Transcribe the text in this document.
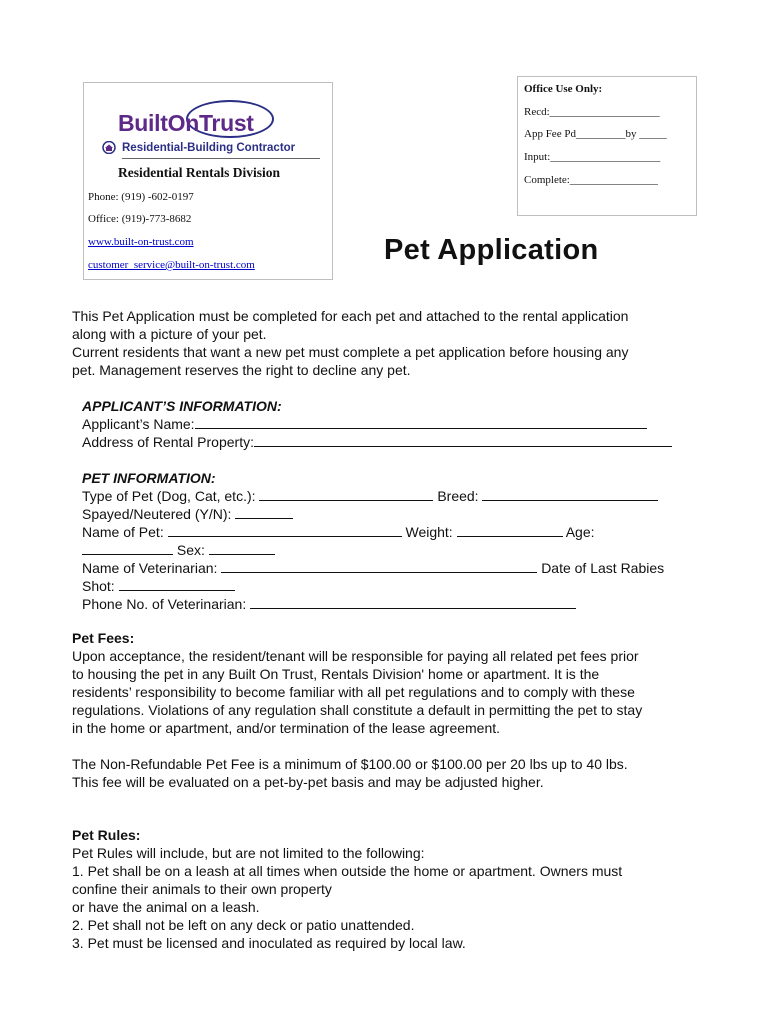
BuiltOnTrust
Residential-Building Contractor
Residential Rentals Division
Phone: (919) -602-0197
Office: (919)-773-8682
www.built-on-trust.com
customer_service@built-on-trust.com
Office Use Only:
Recd:____________________
App Fee Pd_________by _____
Input:____________________
Complete:________________
Pet Application
This Pet Application must be completed for each pet and attached to the rental application
along with a picture of your pet.
Current residents that want a new pet must complete a pet application before housing any
pet. Management reserves the right to decline any pet.
APPLICANT’S INFORMATION:
Applicant’s Name:
Address of Rental Property:
PET INFORMATION:
Type of Pet (Dog, Cat, etc.):	Breed:
Spayed/Neutered (Y/N):
Name of Pet:	Weight:	Age:
Sex:
Name of Veterinarian:	Date of Last Rabies
Shot:
Phone No. of Veterinarian:
Pet Fees:
Upon acceptance, the resident/tenant will be responsible for paying all related pet fees prior
to housing the pet in any Built On Trust, Rentals Division' home or apartment. It is the
residents’ responsibility to become familiar with all pet regulations and to comply with these
regulations. Violations of any regulation shall constitute a default in permitting the pet to stay
in the home or apartment, and/or termination of the lease agreement.
The Non-Refundable Pet Fee is a minimum of $100.00 or $100.00 per 20 lbs up to 40 lbs.
This fee will be evaluated on a pet-by-pet basis and may be adjusted higher.
Pet Rules:
Pet Rules will include, but are not limited to the following:
1. Pet shall be on a leash at all times when outside the home or apartment. Owners must
confine their animals to their own property
or have the animal on a leash.
2. Pet shall not be left on any deck or patio unattended.
3. Pet must be licensed and inoculated as required by local law.
